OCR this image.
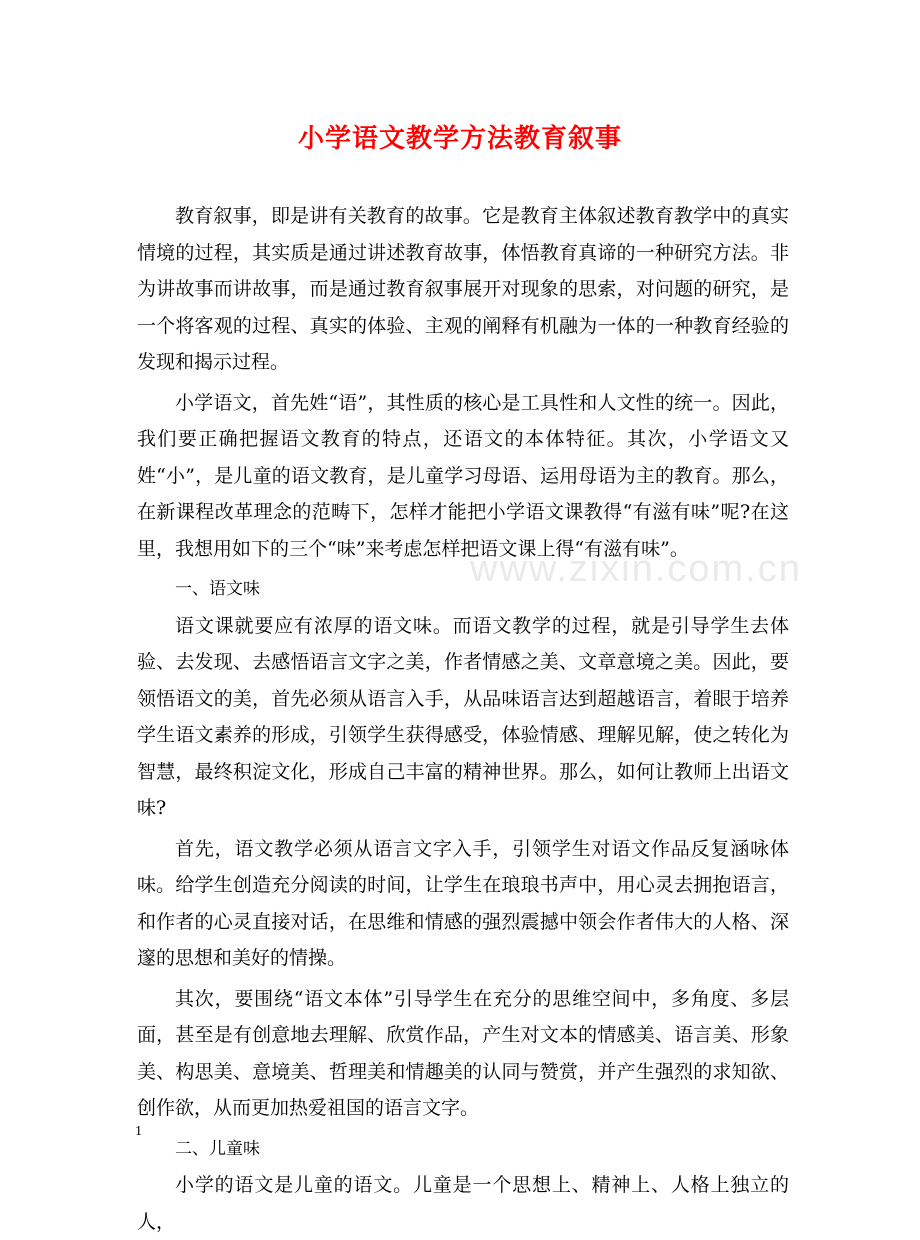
小学语文教学方法教育叙事
www.zixin.com.cn

教育叙事，即是讲有关教育的故事。它是教育主体叙述教育教学中的真实情境的过程，其实质是通过讲述教育故事，体悟教育真谛的一种研究方法。非为讲故事而讲故事，而是通过教育叙事展开对现象的思索，对问题的研究，是一个将客观的过程、真实的体验、主观的阐释有机融为一体的一种教育经验的发现和揭示过程。

小学语文，首先姓“语”，其性质的核心是工具性和人文性的统一。因此，我们要正确把握语文教育的特点，还语文的本体特征。其次，小学语文又姓“小”，是儿童的语文教育，是儿童学习母语、运用母语为主的教育。那么，在新课程改革理念的范畴下，怎样才能把小学语文课教得“有滋有味”呢?在这里，我想用如下的三个“味”来考虑怎样把语文课上得“有滋有味”。

一、语文味

语文课就要应有浓厚的语文味。而语文教学的过程，就是引导学生去体验、去发现、去感悟语言文字之美，作者情感之美、文章意境之美。因此，要领悟语文的美，首先必须从语言入手，从品味语言达到超越语言，着眼于培养学生语文素养的形成，引领学生获得感受，体验情感、理解见解，使之转化为智慧，最终积淀文化，形成自己丰富的精神世界。那么，如何让教师上出语文味?

首先，语文教学必须从语言文字入手，引领学生对语文作品反复涵咏体味。给学生创造充分阅读的时间，让学生在琅琅书声中，用心灵去拥抱语言，和作者的心灵直接对话，在思维和情感的强烈震撼中领会作者伟大的人格、深邃的思想和美好的情操。

其次，要围绕“语文本体”引导学生在充分的思维空间中，多角度、多层面，甚至是有创意地去理解、欣赏作品，产生对文本的情感美、语言美、形象美、构思美、意境美、哲理美和情趣美的认同与赞赏，并产生强烈的求知欲、创作欲，从而更加热爱祖国的语言文字。

二、儿童味

小学的语文是儿童的语文。儿童是一个思想上、精神上、人格上独立的人，

1
